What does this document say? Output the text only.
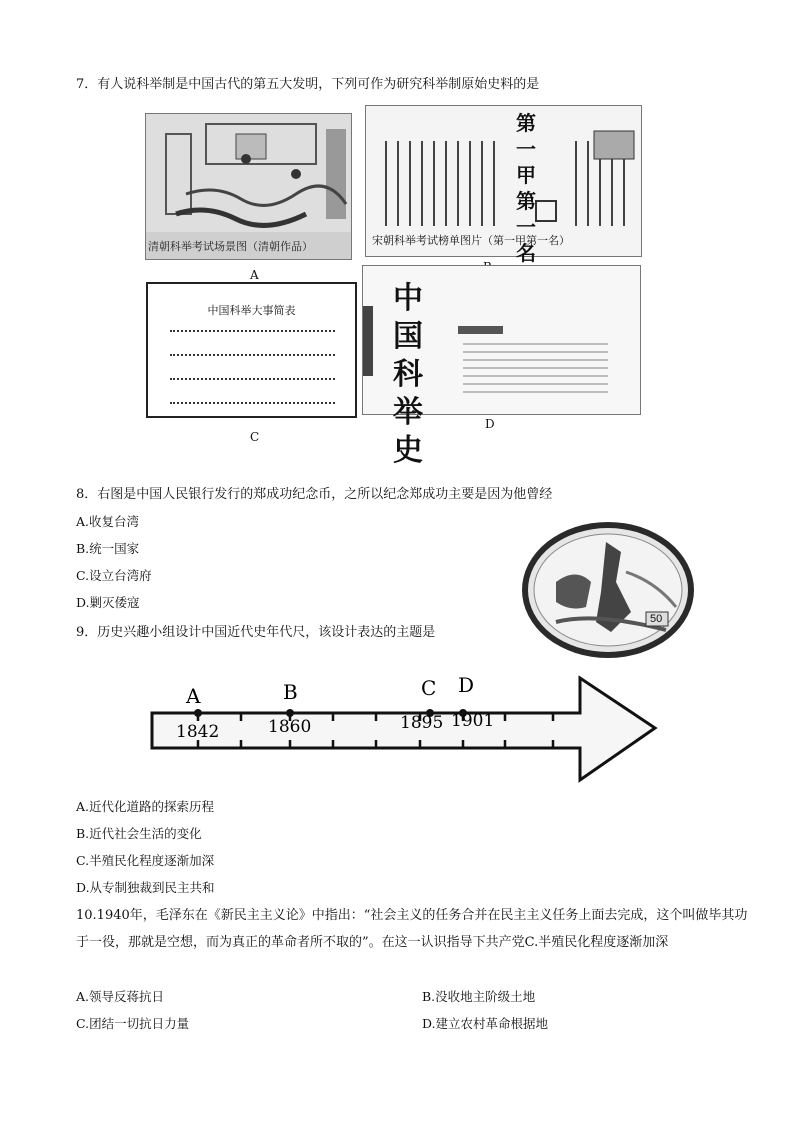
7．有人说科举制是中国古代的第五大发明，下列可作为研究科举制原始史料的是
清朝科举考试场景图（清朝作品）
A
第一甲第一名
宋朝科举考试榜单图片（第一甲第一名）
中国科举大事简表
C
中国科举史
D
8．右图是中国人民银行发行的郑成功纪念币，之所以纪念郑成功主要是因为他曾经
A.收复台湾
B.统一国家
C.设立台湾府
D.剿灭倭寇
50
9．历史兴趣小组设计中国近代史年代尺，该设计表达的主题是
A	B	C D
1842	1860	1895 1901
A.近代化道路的探索历程
B.近代社会生活的变化
C.半殖民化程度逐渐加深
D.从专制独裁到民主共和
10.1940年，毛泽东在《新民主主义论》中指出：“社会主义的任务合并在民主主义任务上面去完成，这个叫做毕其功于一役，那就是空想，而为真正的革命者所不取的”。在这一认识指导下共产党C.半殖民化程度逐渐加深
A.领导反蒋抗日	B.没收地主阶级土地
C.团结一切抗日力量	D.建立农村革命根据地
